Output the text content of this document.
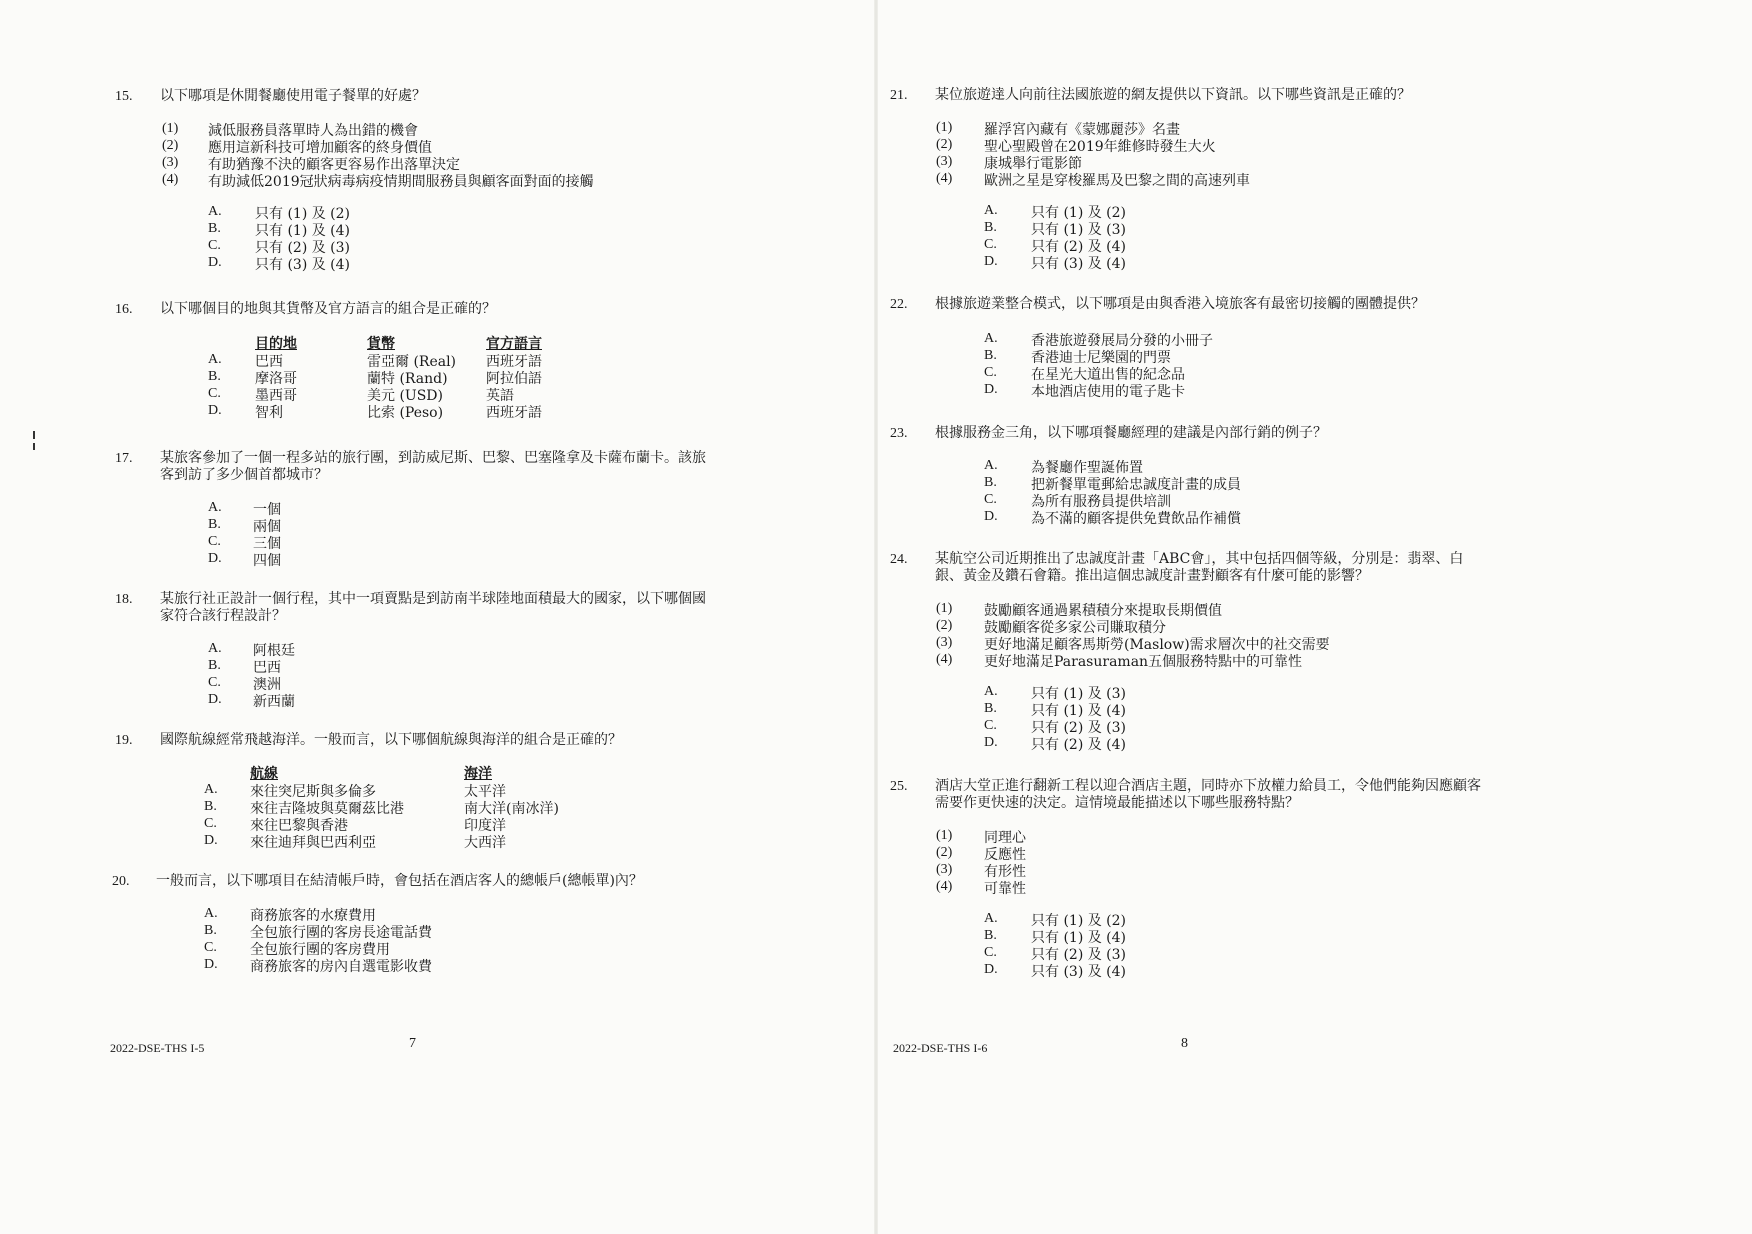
15. 以下哪項是休閒餐廳使用電子餐單的好處？
(1) 減低服務員落單時人為出錯的機會
(2) 應用這新科技可增加顧客的終身價值
(3) 有助猶豫不決的顧客更容易作出落單決定
(4) 有助減低2019冠狀病毒病疫情期間服務員與顧客面對面的接觸
A. 只有 (1) 及 (2)
B. 只有 (1) 及 (4)
C. 只有 (2) 及 (3)
D. 只有 (3) 及 (4)
16. 以下哪個目的地與其貨幣及官方語言的組合是正確的？
目的地	貨幣	官方語言
A. 巴西	雷亞爾 (Real) 西班牙語
B. 摩洛哥	蘭特 (Rand)	阿拉伯語
C. 墨西哥	美元 (USD)	英語
D. 智利	比索 (Peso)	西班牙語
17. 某旅客參加了一個一程多站的旅行團，到訪威尼斯、巴黎、巴塞隆拿及卡薩布蘭卡。該旅
客到訪了多少個首都城市？
A. 一個
B. 兩個
C. 三個
D. 四個
18. 某旅行社正設計一個行程，其中一項賣點是到訪南半球陸地面積最大的國家，以下哪個國
家符合該行程設計？
A. 阿根廷
B. 巴西
C. 澳洲
D. 新西蘭
19. 國際航線經常飛越海洋。一般而言，以下哪個航線與海洋的組合是正確的？
航線	海洋
A. 來往突尼斯與多倫多	太平洋
B. 來往吉隆坡與莫爾茲比港	南大洋(南冰洋)
C. 來往巴黎與香港	印度洋
D. 來往迪拜與巴西利亞	大西洋
20. 一般而言，以下哪項目在結清帳戶時，會包括在酒店客人的總帳戶(總帳單)內？
A. 商務旅客的水療費用
B. 全包旅行團的客房長途電話費
C. 全包旅行團的客房費用
D. 商務旅客的房內自選電影收費
2022-DSE-THS I-5	7
21. 某位旅遊達人向前往法國旅遊的網友提供以下資訊。以下哪些資訊是正確的？
(1) 羅浮宮內藏有《蒙娜麗莎》名畫
(2) 聖心聖殿曾在2019年維修時發生大火
(3) 康城舉行電影節
(4) 歐洲之星是穿梭羅馬及巴黎之間的高速列車
A. 只有 (1) 及 (2)
B. 只有 (1) 及 (3)
C. 只有 (2) 及 (4)
D. 只有 (3) 及 (4)
22. 根據旅遊業整合模式，以下哪項是由與香港入境旅客有最密切接觸的團體提供？
A. 香港旅遊發展局分發的小冊子
B. 香港迪士尼樂園的門票
C. 在星光大道出售的紀念品
D. 本地酒店使用的電子匙卡
23. 根據服務金三角，以下哪項餐廳經理的建議是內部行銷的例子？
A. 為餐廳作聖誕佈置
B. 把新餐單電郵給忠誠度計畫的成員
C. 為所有服務員提供培訓
D. 為不滿的顧客提供免費飲品作補償
24. 某航空公司近期推出了忠誠度計畫「ABC會」，其中包括四個等級，分別是：翡翠、白
銀、黃金及鑽石會籍。推出這個忠誠度計畫對顧客有什麼可能的影響？
(1) 鼓勵顧客通過累積積分來提取長期價值
(2) 鼓勵顧客從多家公司賺取積分
(3) 更好地滿足顧客馬斯勞(Maslow)需求層次中的社交需要
(4) 更好地滿足Parasuraman五個服務特點中的可靠性
A. 只有 (1) 及 (3)
B. 只有 (1) 及 (4)
C. 只有 (2) 及 (3)
D. 只有 (2) 及 (4)
25. 酒店大堂正進行翻新工程以迎合酒店主題，同時亦下放權力給員工，令他們能夠因應顧客
需要作更快速的決定。這情境最能描述以下哪些服務特點？
(1) 同理心
(2) 反應性
(3) 有形性
(4) 可靠性
A. 只有 (1) 及 (2)
B. 只有 (1) 及 (4)
C. 只有 (2) 及 (3)
D. 只有 (3) 及 (4)
2022-DSE-THS I-6	8
